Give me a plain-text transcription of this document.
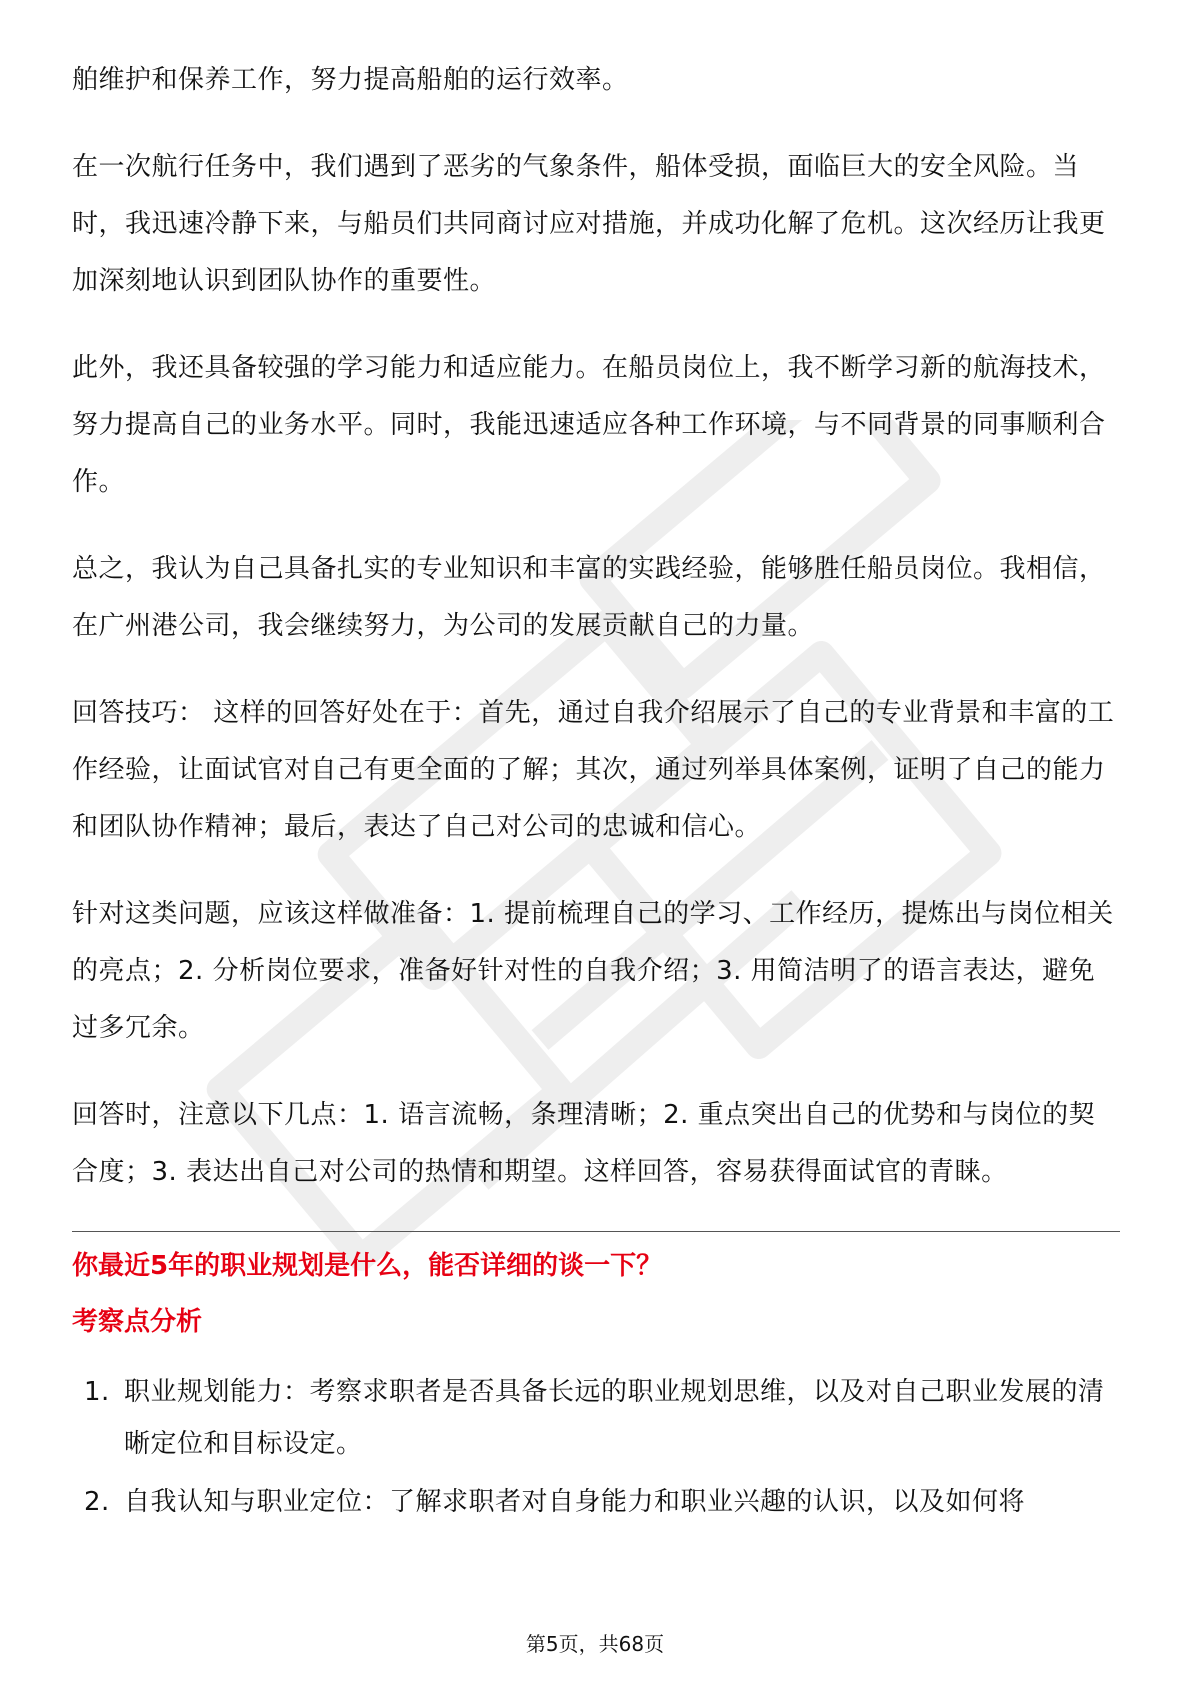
舶维护和保养工作，努力提高船舶的运行效率。

在一次航行任务中，我们遇到了恶劣的气象条件，船体受损，面临巨大的安全风险。当时，我迅速冷静下来，与船员们共同商讨应对措施，并成功化解了危机。这次经历让我更加深刻地认识到团队协作的重要性。

此外，我还具备较强的学习能力和适应能力。在船员岗位上，我不断学习新的航海技术，努力提高自己的业务水平。同时，我能迅速适应各种工作环境，与不同背景的同事顺利合作。

总之，我认为自己具备扎实的专业知识和丰富的实践经验，能够胜任船员岗位。我相信，在广州港公司，我会继续努力，为公司的发展贡献自己的力量。

回答技巧： 这样的回答好处在于：首先，通过自我介绍展示了自己的专业背景和丰富的工作经验，让面试官对自己有更全面的了解；其次，通过列举具体案例，证明了自己的能力和团队协作精神；最后，表达了自己对公司的忠诚和信心。

针对这类问题，应该这样做准备：1. 提前梳理自己的学习、工作经历，提炼出与岗位相关的亮点；2. 分析岗位要求，准备好针对性的自我介绍；3. 用简洁明了的语言表达，避免过多冗余。

回答时，注意以下几点：1. 语言流畅，条理清晰；2. 重点突出自己的优势和与岗位的契合度；3. 表达出自己对公司的热情和期望。这样回答，容易获得面试官的青睐。

你最近5年的职业规划是什么，能否详细的谈一下？
考察点分析
1. 职业规划能力：考察求职者是否具备长远的职业规划思维，以及对自己职业发展的清晰定位和目标设定。
2. 自我认知与职业定位：了解求职者对自身能力和职业兴趣的认识，以及如何将
第5页，共68页
